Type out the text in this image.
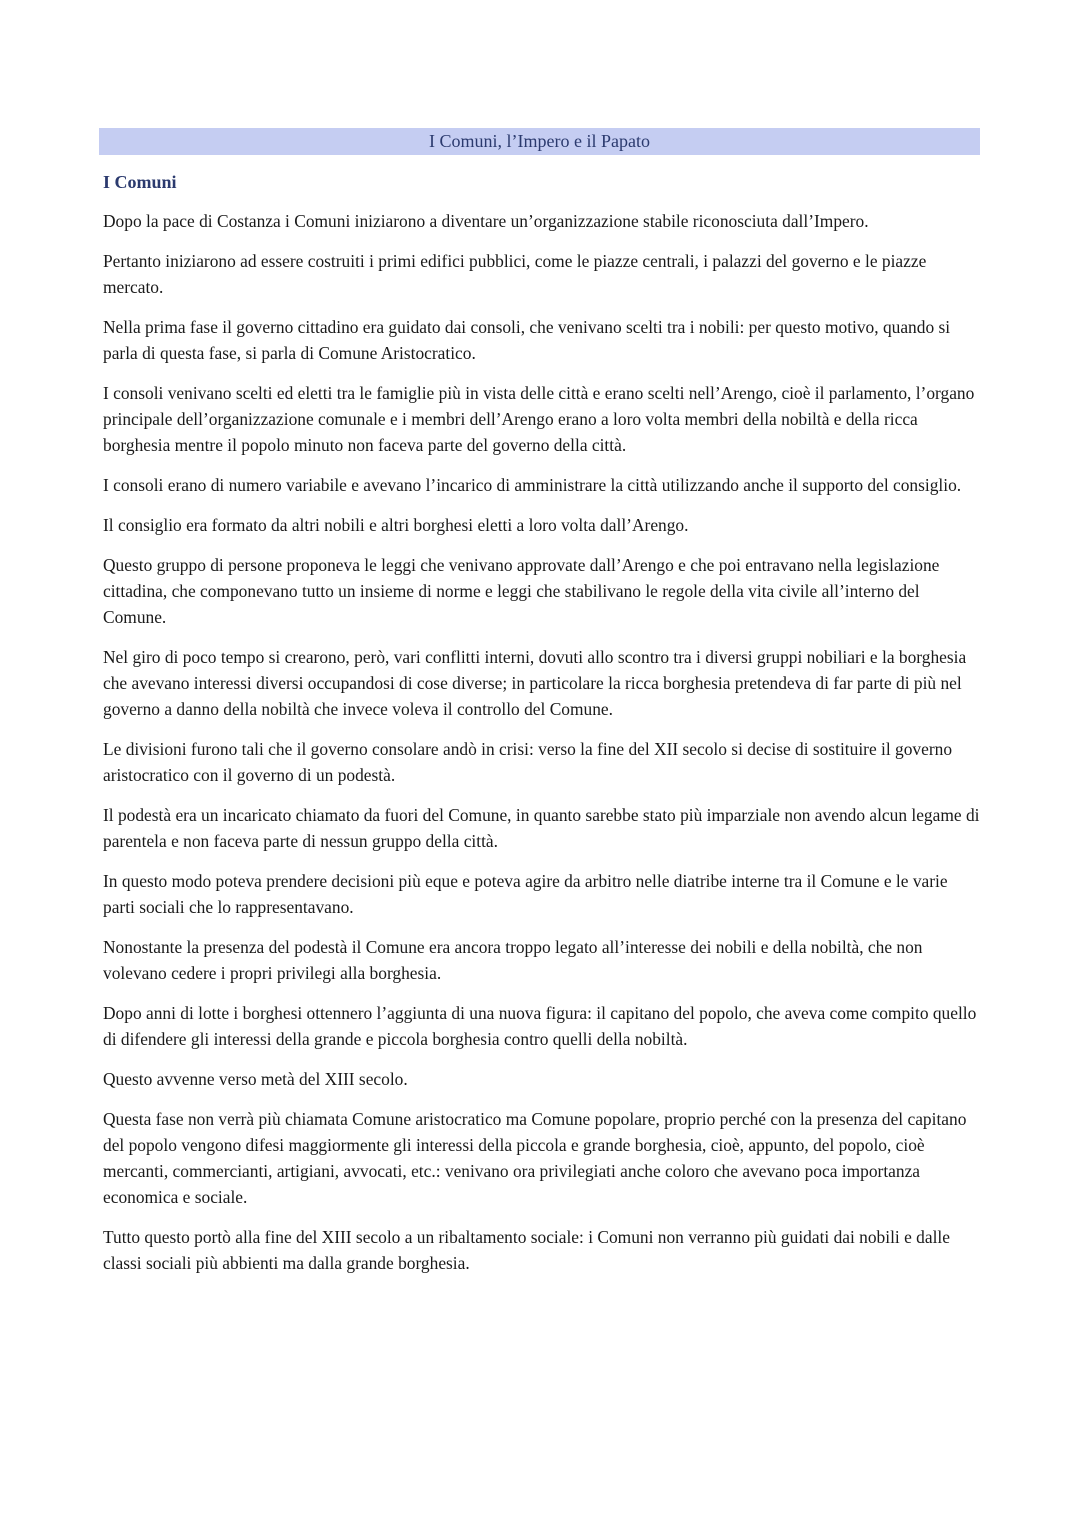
I Comuni, l’Impero e il Papato
I Comuni

Dopo la pace di Costanza i Comuni iniziarono a diventare un’organizzazione stabile riconosciuta dall’Impero.

Pertanto iniziarono ad essere costruiti i primi edifici pubblici, come le piazze centrali, i palazzi del governo e le piazze mercato.

Nella prima fase il governo cittadino era guidato dai consoli, che venivano scelti tra i nobili: per questo motivo, quando si parla di questa fase, si parla di Comune Aristocratico.

I consoli venivano scelti ed eletti tra le famiglie più in vista delle città e erano scelti nell’Arengo, cioè il parlamento, l’organo principale dell’organizzazione comunale e i membri dell’Arengo erano a loro volta membri della nobiltà e della ricca borghesia mentre il popolo minuto non faceva parte del governo della città.

I consoli erano di numero variabile e avevano l’incarico di amministrare la città utilizzando anche il supporto del consiglio.

Il consiglio era formato da altri nobili e altri borghesi eletti a loro volta dall’Arengo.

Questo gruppo di persone proponeva le leggi che venivano approvate dall’Arengo e che poi entravano nella legislazione cittadina, che componevano tutto un insieme di norme e leggi che stabilivano le regole della vita civile all’interno del Comune.

Nel giro di poco tempo si crearono, però, vari conflitti interni, dovuti allo scontro tra i diversi gruppi nobiliari e la borghesia che avevano interessi diversi occupandosi di cose diverse; in particolare la ricca borghesia pretendeva di far parte di più nel governo a danno della nobiltà che invece voleva il controllo del Comune.

Le divisioni furono tali che il governo consolare andò in crisi: verso la fine del XII secolo si decise di sostituire il governo aristocratico con il governo di un podestà.

Il podestà era un incaricato chiamato da fuori del Comune, in quanto sarebbe stato più imparziale non avendo alcun legame di parentela e non faceva parte di nessun gruppo della città.

In questo modo poteva prendere decisioni più eque e poteva agire da arbitro nelle diatribe interne tra il Comune e le varie parti sociali che lo rappresentavano.

Nonostante la presenza del podestà il Comune era ancora troppo legato all’interesse dei nobili e della nobiltà, che non volevano cedere i propri privilegi alla borghesia.

Dopo anni di lotte i borghesi ottennero l’aggiunta di una nuova figura: il capitano del popolo, che aveva come compito quello di difendere gli interessi della grande e piccola borghesia contro quelli della nobiltà.

Questo avvenne verso metà del XIII secolo.

Questa fase non verrà più chiamata Comune aristocratico ma Comune popolare, proprio perché con la presenza del capitano del popolo vengono difesi maggiormente gli interessi della piccola e grande borghesia, cioè, appunto, del popolo, cioè mercanti, commercianti, artigiani, avvocati, etc.: venivano ora privilegiati anche coloro che avevano poca importanza economica e sociale.

Tutto questo portò alla fine del XIII secolo a un ribaltamento sociale: i Comuni non verranno più guidati dai nobili e dalle classi sociali più abbienti ma dalla grande borghesia.
